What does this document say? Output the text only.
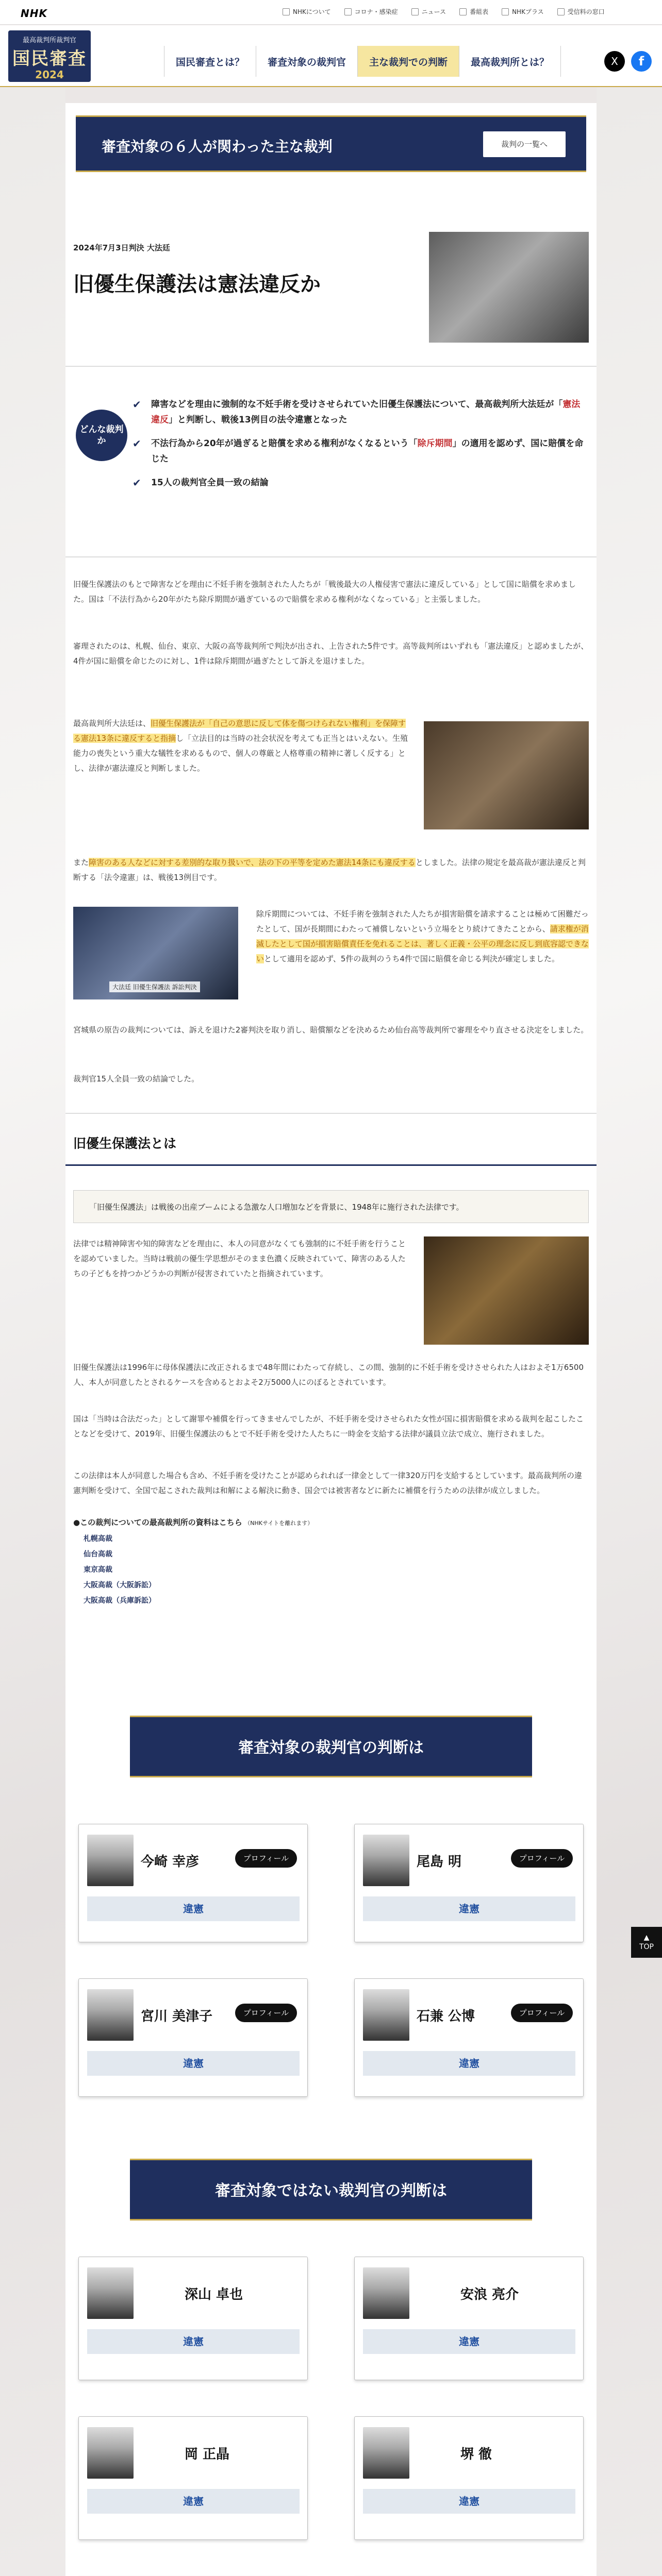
NHK	NHKについて	コロナ・感染症	ニュース	番組表	NHKプラス	受信料の窓口
最高裁判所裁判官
国民審査
2024
国民審査とは？	審査対象の裁判官	主な裁判での判断	最高裁判所とは？	X	f
審査対象の６人が関わった主な裁判	裁判の一覧へ
2024年7月3日判決 大法廷
旧優生保護法は憲法違反か
どんな裁判か
✔ 障害などを理由に強制的な不妊手術を受けさせられていた旧優生保護法について、最高裁判所大法廷が「憲法違反」と判断し、戦後13例目の法令違憲となった
✔ 不法行為から20年が過ぎると賠償を求める権利がなくなるという「除斥期間」の適用を認めず、国に賠償を命じた
✔ 15人の裁判官全員一致の結論

旧優生保護法のもとで障害などを理由に不妊手術を強制された人たちが「戦後最大の人権侵害で憲法に違反している」として国に賠償を求めました。国は「不法行為から20年がたち除斥期間が過ぎているので賠償を求める権利がなくなっている」と主張しました。

審理されたのは、札幌、仙台、東京、大阪の高等裁判所で判決が出され、上告された5件です。高等裁判所はいずれも「憲法違反」と認めましたが、4件が国に賠償を命じたのに対し、1件は除斥期間が過ぎたとして訴えを退けました。

最高裁判所大法廷は、旧優生保護法が「自己の意思に反して体を傷つけられない権利」を保障する憲法13条に違反すると指摘し「立法目的は当時の社会状況を考えても正当とはいえない。生殖能力の喪失という重大な犠牲を求めるもので、個人の尊厳と人格尊重の精神に著しく反する」とし、法律が憲法違反と判断しました。

また障害のある人などに対する差別的な取り扱いで、法の下の平等を定めた憲法14条にも違反するとしました。法律の規定を最高裁が憲法違反と判断する「法令違憲」は、戦後13例目です。

大法廷 旧優生保護法 訴訟判決

除斥期間については、不妊手術を強制された人たちが損害賠償を請求することは極めて困難だったとして、国が長期間にわたって補償しないという立場をとり続けてきたことから、請求権が消滅したとして国が損害賠償責任を免れることは、著しく正義・公平の理念に反し到底容認できないとして適用を認めず、5件の裁判のうち4件で国に賠償を命じる判決が確定しました。

宮城県の原告の裁判については、訴えを退けた2審判決を取り消し、賠償額などを決めるため仙台高等裁判所で審理をやり直させる決定をしました。

裁判官15人全員一致の結論でした。

旧優生保護法とは
「旧優生保護法」は戦後の出産ブームによる急激な人口増加などを背景に、1948年に施行された法律です。

法律では精神障害や知的障害などを理由に、本人の同意がなくても強制的に不妊手術を行うことを認めていました。当時は戦前の優生学思想がそのまま色濃く反映されていて、障害のある人たちの子どもを持つかどうかの判断が侵害されていたと指摘されています。

旧優生保護法は1996年に母体保護法に改正されるまで48年間にわたって存続し、この間、強制的に不妊手術を受けさせられた人はおよそ1万6500人、本人が同意したとされるケースを含めるとおよそ2万5000人にのぼるとされています。

国は「当時は合法だった」として謝罪や補償を行ってきませんでしたが、不妊手術を受けさせられた女性が国に損害賠償を求める裁判を起こしたことなどを受けて、2019年、旧優生保護法のもとで不妊手術を受けた人たちに一時金を支給する法律が議員立法で成立、施行されました。

この法律は本人が同意した場合も含め、不妊手術を受けたことが認められれば一律金として一律320万円を支給するとしています。最高裁判所の違憲判断を受けて、全国で起こされた裁判は和解による解決に動き、国会では被害者などに新たに補償を行うための法律が成立しました。

●この裁判についての最高裁判所の資料はこちら （NHKサイトを離れます）
札幌高裁
仙台高裁
東京高裁
大阪高裁（大阪訴訟）
大阪高裁（兵庫訴訟）
審査対象の裁判官の判断は
今崎 幸彦	プロフィール
違憲
尾島 明	プロフィール
違憲
宮川 美津子	プロフィール
違憲
石兼 公博	プロフィール
違憲
審査対象ではない裁判官の判断は
深山 卓也
違憲
安浪 亮介
違憲
岡 正晶
違憲
堺 徹
違憲
▲
TOP
